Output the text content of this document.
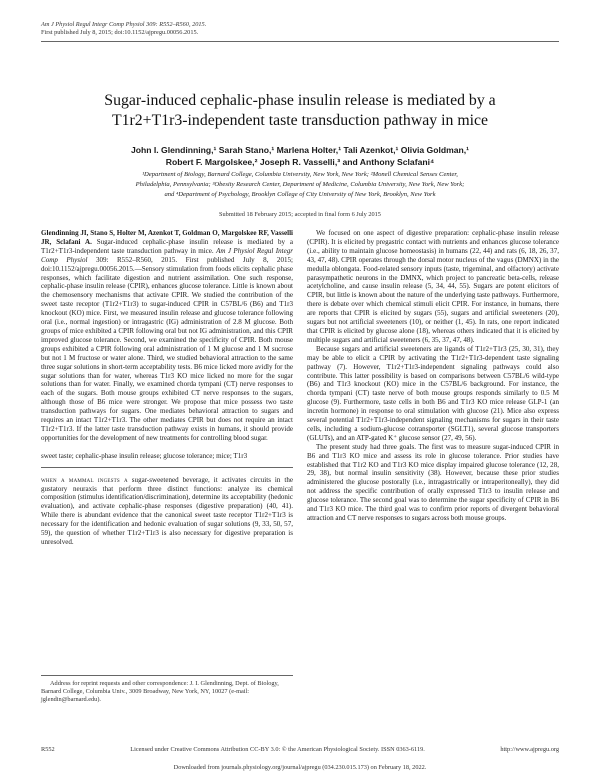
Am J Physiol Regul Integr Comp Physiol 309: R552–R560, 2015.
First published July 8, 2015; doi:10.1152/ajpregu.00056.2015.
Sugar-induced cephalic-phase insulin release is mediated by a
T1r2+T1r3-independent taste transduction pathway in mice
John I. Glendinning,¹ Sarah Stano,¹ Marlena Holter,¹ Tali Azenkot,¹ Olivia Goldman,¹
Robert F. Margolskee,² Joseph R. Vasselli,³ and Anthony Sclafani⁴
¹Department of Biology, Barnard College, Columbia University, New York, New York; ²Monell Chemical Senses Center,
Philadelphia, Pennsylvania; ³Obesity Research Center, Department of Medicine, Columbia University, New York, New York;
and ⁴Department of Psychology, Brooklyn College of City University of New York, Brooklyn, New York
Submitted 18 February 2015; accepted in final form 6 July 2015

Glendinning JI, Stano S, Holter M, Azenkot T, Goldman O, Margolskee RF, Vasselli JR, Sclafani A. Sugar-induced cephalic-phase insulin release is mediated by a T1r2+T1r3-independent taste transduction pathway in mice. Am J Physiol Regul Integr Comp Physiol 309: R552–R560, 2015. First published July 8, 2015; doi:10.1152/ajpregu.00056.2015.—Sensory stimulation from foods elicits cephalic phase responses, which facilitate digestion and nutrient assimilation. One such response, cephalic-phase insulin release (CPIR), enhances glucose tolerance. Little is known about the chemosensory mechanisms that activate CPIR. We studied the contribution of the sweet taste receptor (T1r2+T1r3) to sugar-induced CPIR in C57BL/6 (B6) and T1r3 knockout (KO) mice. First, we measured insulin release and glucose tolerance following oral (i.e., normal ingestion) or intragastric (IG) administration of 2.8 M glucose. Both groups of mice exhibited a CPIR following oral but not IG administration, and this CPIR improved glucose tolerance. Second, we examined the specificity of CPIR. Both mouse groups exhibited a CPIR following oral administration of 1 M glucose and 1 M sucrose but not 1 M fructose or water alone. Third, we studied behavioral attraction to the same three sugar solutions in short-term acceptability tests. B6 mice licked more avidly for the sugar solutions than for water, whereas T1r3 KO mice licked no more for the sugar solutions than for water. Finally, we examined chorda tympani (CT) nerve responses to each of the sugars. Both mouse groups exhibited CT nerve responses to the sugars, although those of B6 mice were stronger. We propose that mice possess two taste transduction pathways for sugars. One mediates behavioral attraction to sugars and requires an intact T1r2+T1r3. The other mediates CPIR but does not require an intact T1r2+T1r3. If the latter taste transduction pathway exists in humans, it should provide opportunities for the development of new treatments for controlling blood sugar.

sweet taste; cephalic-phase insulin release; glucose tolerance; mice; T1r3

when a mammal ingests a sugar-sweetened beverage, it activates circuits in the gustatory neuraxis that perform three distinct functions: analyze its chemical composition (stimulus identification/discrimination), determine its acceptability (hedonic evaluation), and activate cephalic-phase responses (digestive preparation) (40, 41). While there is abundant evidence that the canonical sweet taste receptor T1r2+T1r3 is necessary for the identification and hedonic evaluation of sugar solutions (9, 33, 50, 57, 59), the question of whether T1r2+T1r3 is also necessary for digestive preparation is unresolved.

Address for reprint requests and other correspondence: J. I. Glendinning, Dept. of Biology, Barnard College, Columbia Univ., 3009 Broadway, New York, NY, 10027 (e-mail: jglendin@barnard.edu).

We focused on one aspect of digestive preparation: cephalic-phase insulin release (CPIR). It is elicited by pregastric contact with nutrients and enhances glucose tolerance (i.e., ability to maintain glucose homeostasis) in humans (22, 44) and rats (6, 18, 26, 37, 43, 47, 48). CPIR operates through the dorsal motor nucleus of the vagus (DMNX) in the medulla oblongata. Food-related sensory inputs (taste, trigeminal, and olfactory) activate parasympathetic neurons in the DMNX, which project to pancreatic beta-cells, release acetylcholine, and cause insulin release (5, 34, 44, 55). Sugars are potent elicitors of CPIR, but little is known about the nature of the underlying taste pathways. Furthermore, there is debate over which chemical stimuli elicit CPIR. For instance, in humans, there are reports that CPIR is elicited by sugars (55), sugars and artificial sweeteners (20), sugars but not artificial sweeteners (10), or neither (1, 45). In rats, one report indicated that CPIR is elicited by glucose alone (18), whereas others indicated that it is elicited by multiple sugars and artificial sweeteners (6, 35, 37, 47, 48).

Because sugars and artificial sweeteners are ligands of T1r2+T1r3 (25, 30, 31), they may be able to elicit a CPIR by activating the T1r2+T1r3-dependent taste signaling pathway (7). However, T1r2+T1r3-independent signaling pathways could also contribute. This latter possibility is based on comparisons between C57BL/6 wild-type (B6) and T1r3 knockout (KO) mice in the C57BL/6 background. For instance, the chorda tympani (CT) taste nerve of both mouse groups responds similarly to 0.5 M glucose (9). Furthermore, taste cells in both B6 and T1r3 KO mice release GLP-1 (an incretin hormone) in response to oral stimulation with glucose (21). Mice also express several potential T1r2+T1r3-independent signaling mechanisms for sugars in their taste cells, including a sodium-glucose cotransporter (SGLT1), several glucose transporters (GLUTs), and an ATP-gated K⁺ glucose sensor (27, 49, 56).

The present study had three goals. The first was to measure sugar-induced CPIR in B6 and T1r3 KO mice and assess its role in glucose tolerance. Prior studies have established that T1r2 KO and T1r3 KO mice display impaired glucose tolerance (12, 28, 29, 38), but normal insulin sensitivity (38). However, because these prior studies administered the glucose postorally (i.e., intragastrically or intraperitoneally), they did not address the specific contribution of orally expressed T1r3 to insulin release and glucose tolerance. The second goal was to determine the sugar specificity of CPIR in B6 and T1r3 KO mice. The third goal was to confirm prior reports of divergent behavioral attraction and CT nerve responses to sugars across both mouse groups.

R552	Licensed under Creative Commons Attribution CC-BY 3.0: © the American Physiological Society. ISSN 0363-6119.	http://www.ajpregu.org
Downloaded from journals.physiology.org/journal/ajpregu (034.230.015.173) on February 18, 2022.
